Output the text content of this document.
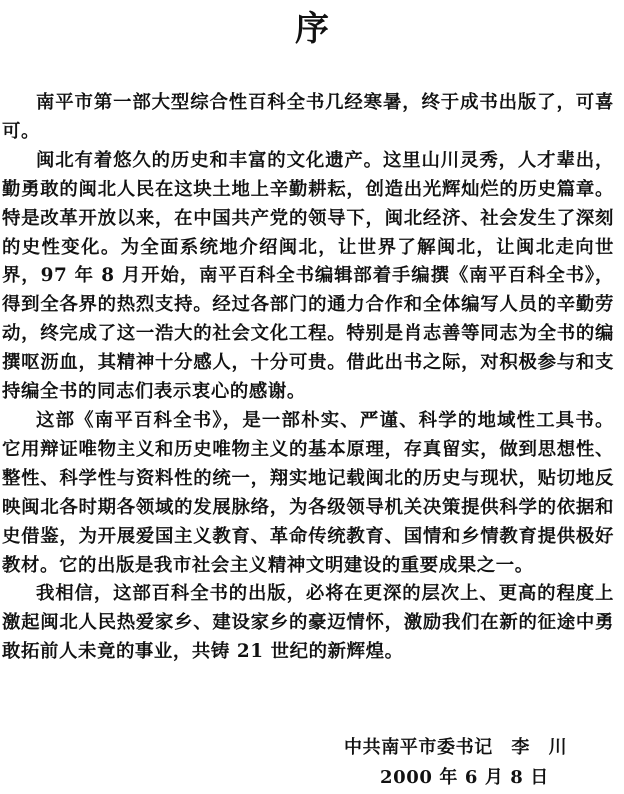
序

南平市第一部大型综合性百科全书几经寒暑，终于成书出版了，可喜可。

闽北有着悠久的历史和丰富的文化遗产。这里山川灵秀，人才辈出，勤勇敢的闽北人民在这块土地上辛勤耕耘，创造出光辉灿烂的历史篇章。特是改革开放以来，在中国共产党的领导下，闽北经济、社会发生了深刻的史性变化。为全面系统地介绍闽北，让世界了解闽北，让闽北走向世界，97 年 8 月开始，南平百科全书编辑部着手编撰《南平百科全书》，得到全各界的热烈支持。经过各部门的通力合作和全体编写人员的辛勤劳动，终完成了这一浩大的社会文化工程。特别是肖志善等同志为全书的编撰呕沥血，其精神十分感人，十分可贵。借此出书之际，对积极参与和支持编全书的同志们表示衷心的感谢。

这部《南平百科全书》，是一部朴实、严谨、科学的地域性工具书。它用辩证唯物主义和历史唯物主义的基本原理，存真留实，做到思想性、整性、科学性与资料性的统一，翔实地记载闽北的历史与现状，贴切地反映闽北各时期各领域的发展脉络，为各级领导机关决策提供科学的依据和史借鉴，为开展爱国主义教育、革命传统教育、国情和乡情教育提供极好教材。它的出版是我市社会主义精神文明建设的重要成果之一。

我相信，这部百科全书的出版，必将在更深的层次上、更高的程度上激起闽北人民热爱家乡、建设家乡的豪迈情怀，激励我们在新的征途中勇敢拓前人未竟的事业，共铸 21 世纪的新辉煌。

中共南平市委书记　李　川
2000 年 6 月 8 日
